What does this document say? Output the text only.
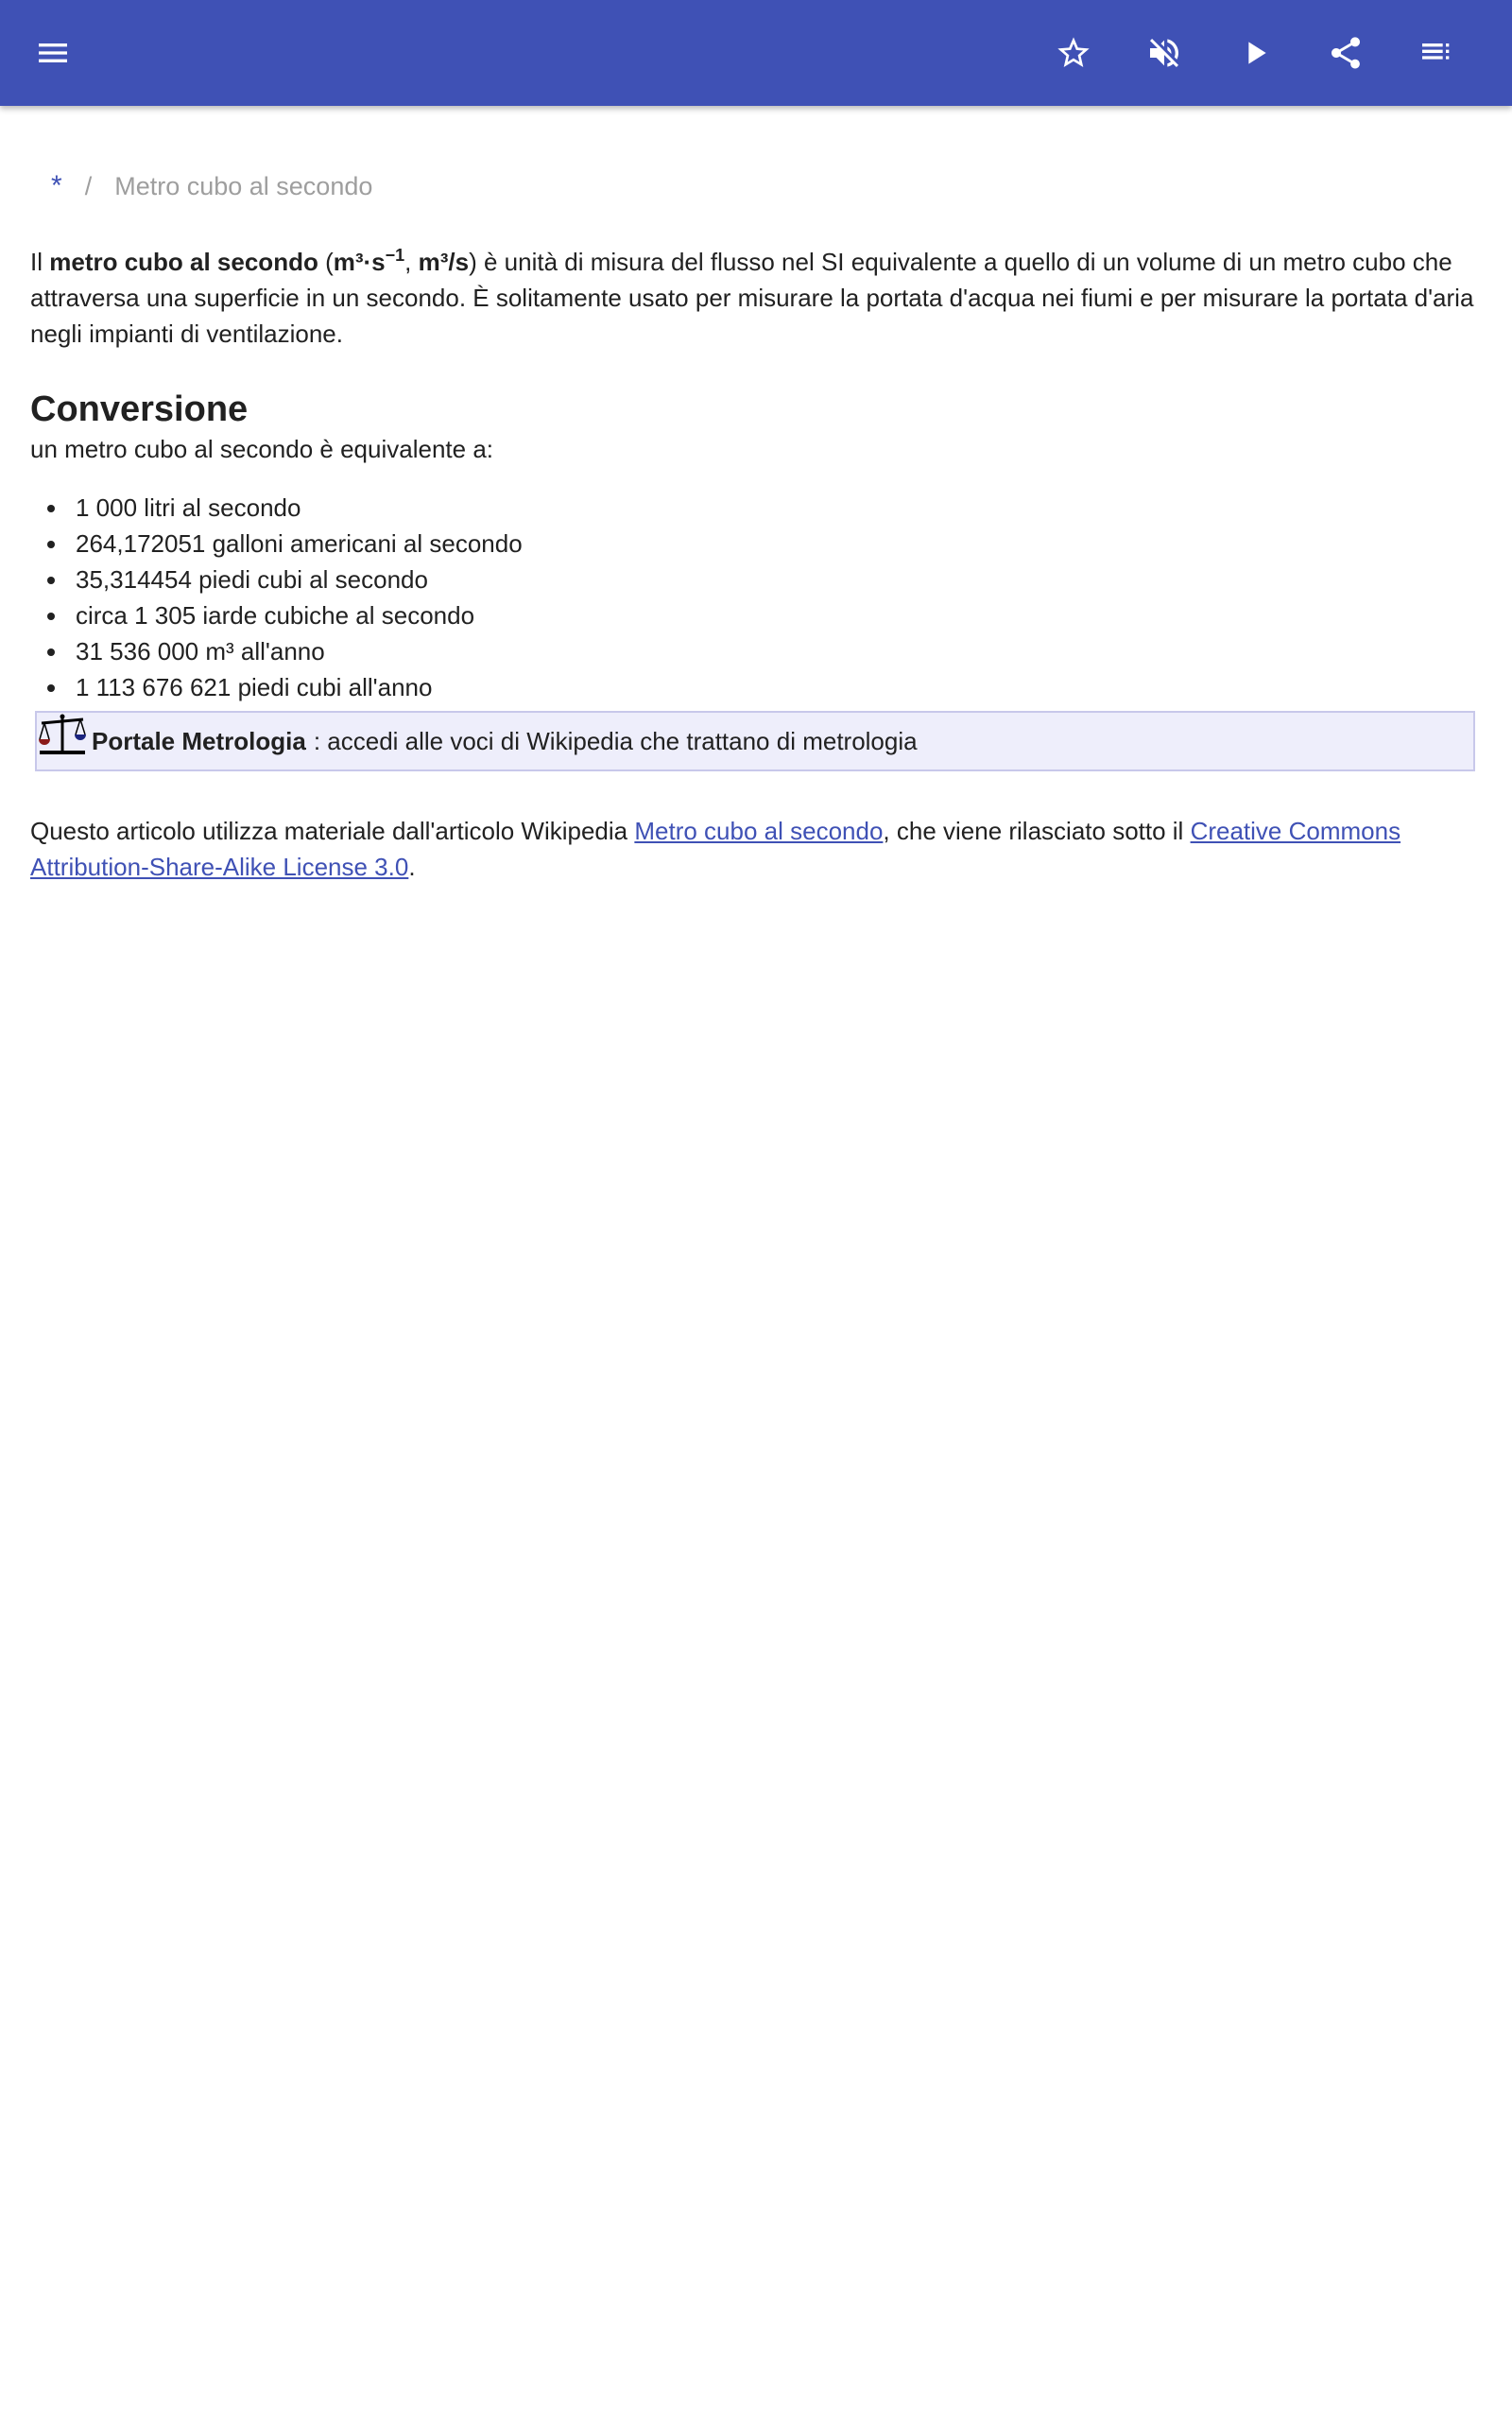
* / Metro cubo al secondo

Il metro cubo al secondo ($m^3\cdot s^{-1}$, m³/s) è unità di misura del flusso nel SI equivalente a quello di un volume di un metro cubo che attraversa una superficie in un secondo. È solitamente usato per misurare la portata d'acqua nei fiumi e per misurare la portata d'aria negli impianti di ventilazione.

Conversione

un metro cubo al secondo è equivalente a:

1 000 litri al secondo
264,172051 galloni americani al secondo
35,314454 piedi cubi al secondo
circa 1 305 iarde cubiche al secondo
31 536 000 m³ all'anno
1 113 676 621 piedi cubi all'anno
Portale Metrologia : accedi alle voci di Wikipedia che trattano di metrologia

Questo articolo utilizza materiale dall'articolo Wikipedia Metro cubo al secondo, che viene rilasciato sotto il Creative Commons Attribution-Share-Alike License 3.0.
